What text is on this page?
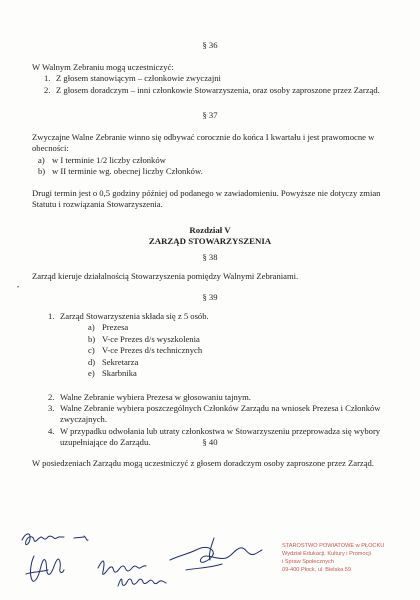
§ 36
W Walnym Zebraniu mogą uczestniczyć:
1. Z głosem stanowiącym – członkowie zwyczajni
2. Z głosem doradczym – inni członkowie Stowarzyszenia, oraz osoby zaproszone przez Zarząd.
§ 37
Zwyczajne Walne Zebranie winno się odbywać corocznie do końca I kwartału i jest prawomocne w obecności:
a) w I terminie 1/2 liczby członków
b) w II terminie wg. obecnej liczby Członków.
Drugi termin jest o 0,5 godziny później od podanego w zawiadomieniu. Powyższe nie dotyczy zmian Statutu i rozwiązania Stowarzyszenia.
Rozdział V
ZARZĄD STOWARZYSZENIA
§ 38
Zarząd kieruje działalnością Stowarzyszenia pomiędzy Walnymi Zebraniami.
•
§ 39
1. Zarząd Stowarzyszenia składa się z 5 osób.
a) Prezesa
b) V-ce Prezes d/s wyszkolenia
c) V-ce Prezes d/s technicznych
d) Sekretarza
e) Skarbnika
2. Walne Zebranie wybiera Prezesa w głosowaniu tajnym.
3. Walne Zebranie wybiera poszczególnych Członków Zarządu na wniosek Prezesa i Członków zwyczajnych.
4. W przypadku odwołania lub utraty członkostwa w Stowarzyszeniu przeprowadza się wybory uzupełniające do Zarządu.	§ 40
W posiedzeniach Zarządu mogą uczestniczyć z głosem doradczym osoby zaproszone przez Zarząd.
STAROSTWO POWIATOWE w PŁOCKU
Wydział Edukacji, Kultury i Promocji
i Spraw Społecznych
09-400 Płock, ul. Bielska 59
